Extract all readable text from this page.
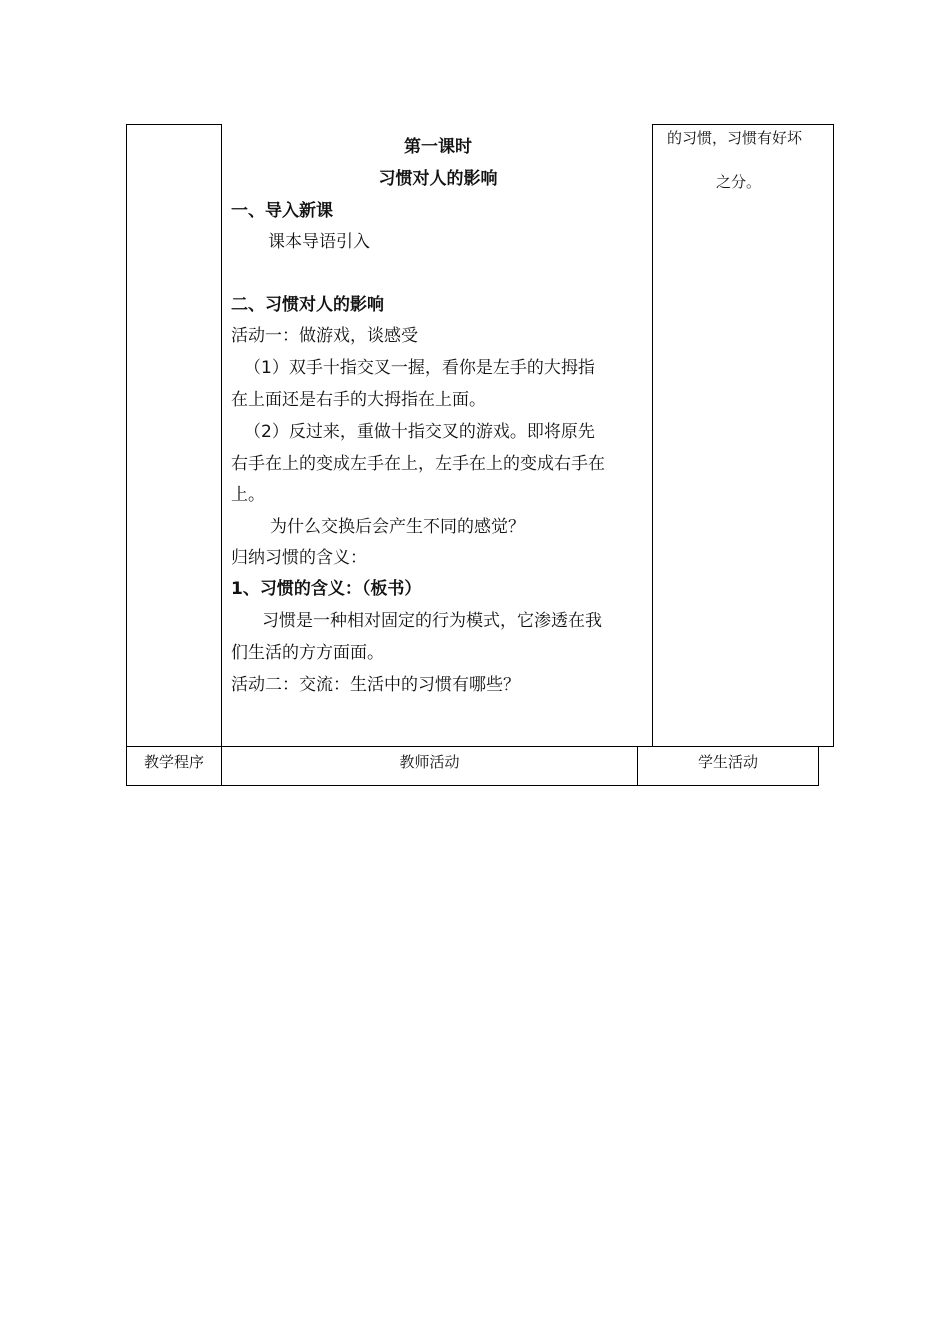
第一课时
习惯对人的影响
一、导入新课
课本导语引入
二、习惯对人的影响
活动一：做游戏，谈感受
（1）双手十指交叉一握，看你是左手的大拇指
在上面还是右手的大拇指在上面。
（2）反过来，重做十指交叉的游戏。即将原先
右手在上的变成左手在上，左手在上的变成右手在
上。
为什么交换后会产生不同的感觉？
归纳习惯的含义：
1、习惯的含义：（板书）
习惯是一种相对固定的行为模式，它渗透在我
们生活的方方面面。
活动二：交流：生活中的习惯有哪些？
的习惯，习惯有好坏
之分。
教学程序	教师活动	学生活动
